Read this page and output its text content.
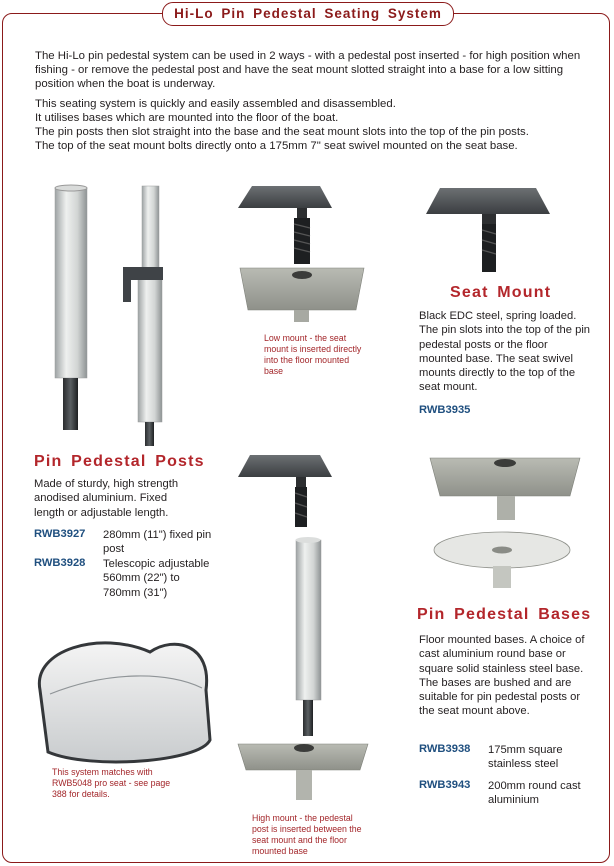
Hi-Lo Pin Pedestal Seating System

The Hi-Lo pin pedestal system can be used in 2 ways - with a pedestal post inserted - for high position when fishing - or remove the pedestal post and have the seat mount slotted straight into a base for a low sitting position when the boat is underway.

This seating system is quickly and easily assembled and disassembled.

It utilises bases which are mounted into the floor of the boat.

The pin posts then slot straight into the base and the seat mount slots into the top of the pin posts.

The top of the seat mount bolts directly onto a 175mm 7" seat swivel mounted on the seat base.

Low mount - the seat mount is inserted directly into the floor mounted base
This system matches with RWB5048 pro seat - see page 388 for details.
High mount - the pedestal post is inserted between the seat mount and the floor mounted base
Seat Mount
Black EDC steel, spring loaded. The pin slots into the top of the pin pedestal posts or the floor mounted base. The seat swivel mounts directly to the top of the seat mount.
RWB3935
Pin Pedestal Posts
Made of sturdy, high strength anodised aluminium. Fixed length or adjustable length.
RWB3927 280mm (11") fixed pin post
RWB3928 Telescopic adjustable 560mm (22") to 780mm (31")
Pin Pedestal Bases
Floor mounted bases. A choice of cast aluminium round base or square solid stainless steel base. The bases are bushed and are suitable for pin pedestal posts or the seat mount above.
RWB3938 175mm square stainless steel
RWB3943 200mm round cast aluminium
